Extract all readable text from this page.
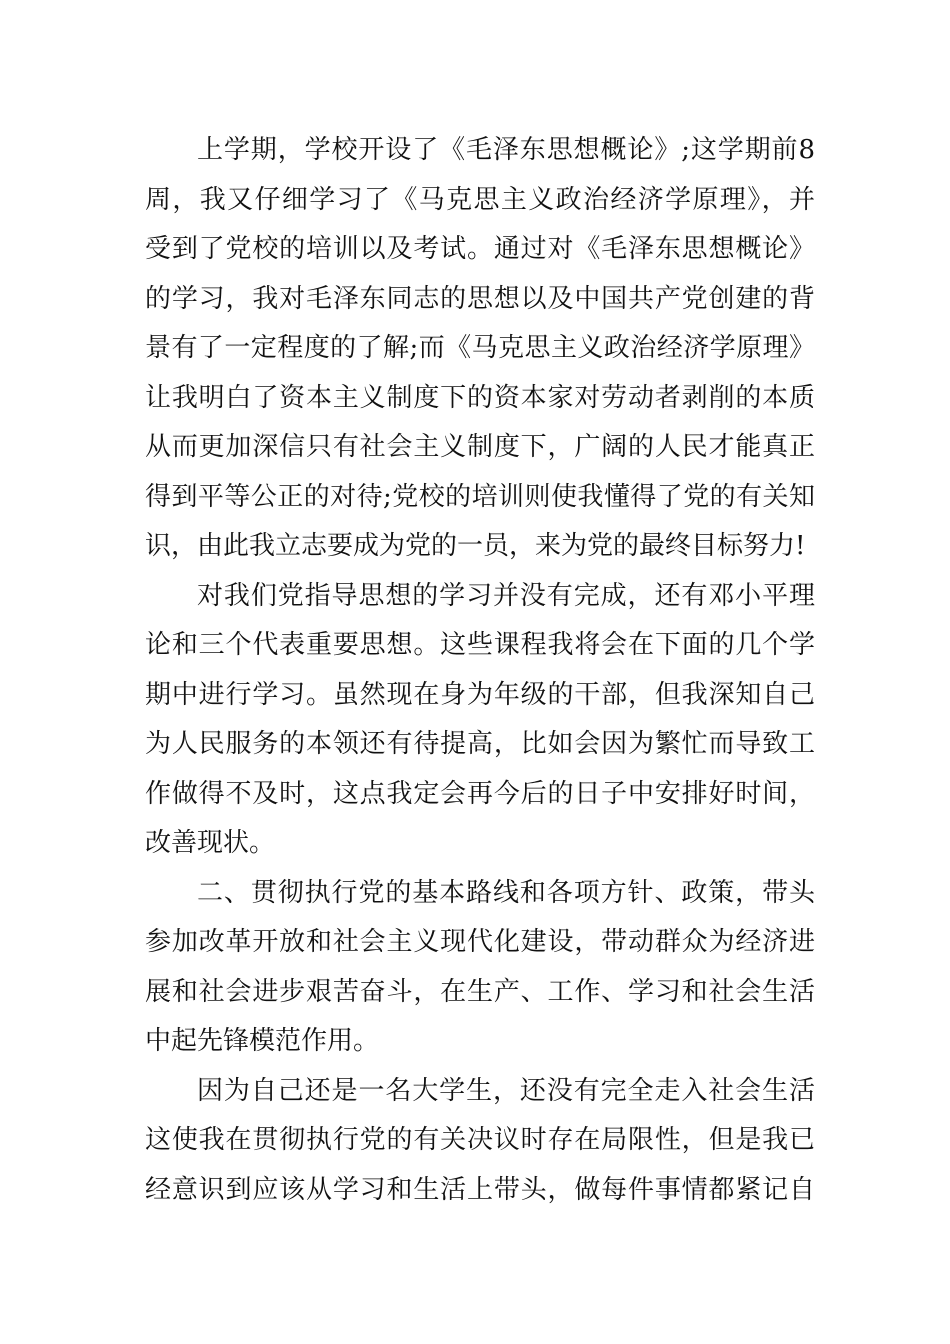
上学期，学校开设了《毛泽东思想概论》;这学期前8
周，我又仔细学习了《马克思主义政治经济学原理》，并
受到了党校的培训以及考试。通过对《毛泽东思想概论》
的学习，我对毛泽东同志的思想以及中国共产党创建的背
景有了一定程度的了解;而《马克思主义政治经济学原理》
让我明白了资本主义制度下的资本家对劳动者剥削的本质
从而更加深信只有社会主义制度下，广阔的人民才能真正
得到平等公正的对待;党校的培训则使我懂得了党的有关知
识，由此我立志要成为党的一员，来为党的最终目标努力!

对我们党指导思想的学习并没有完成，还有邓小平理
论和三个代表重要思想。这些课程我将会在下面的几个学
期中进行学习。虽然现在身为年级的干部，但我深知自己
为人民服务的本领还有待提高，比如会因为繁忙而导致工
作做得不及时，这点我定会再今后的日子中安排好时间，
改善现状。

二、贯彻执行党的基本路线和各项方针、政策，带头
参加改革开放和社会主义现代化建设，带动群众为经济进
展和社会进步艰苦奋斗，在生产、工作、学习和社会生活
中起先锋模范作用。

因为自己还是一名大学生，还没有完全走入社会生活
这使我在贯彻执行党的有关决议时存在局限性，但是我已
经意识到应该从学习和生活上带头，做每件事情都紧记自
